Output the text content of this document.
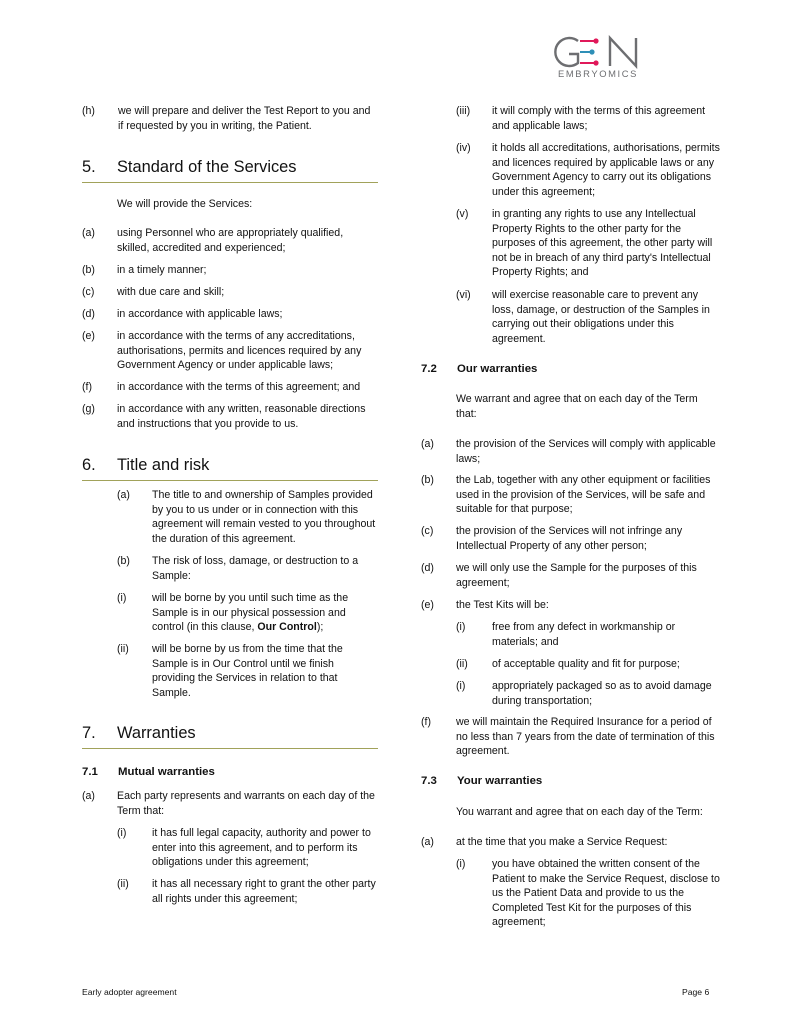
GEN
EMBRYOMICS
(h)	we will prepare and deliver the Test Report to you and if requested by you in writing, the Patient.
5. Standard of the Services
We will provide the Services:
(a)	using Personnel who are appropriately qualified, skilled, accredited and experienced;
(b)	in a timely manner;
(c)	with due care and skill;
(d)	in accordance with applicable laws;
(e)	in accordance with the terms of any accreditations, authorisations, permits and licences required by any Government Agency or under applicable laws;
(f)	in accordance with the terms of this agreement; and
(g)	in accordance with any written, reasonable directions and instructions that you provide to us.
6. Title and risk
(a)	The title to and ownership of Samples provided by you to us under or in connection with this agreement will remain vested to you throughout the duration of this agreement.
(b)	The risk of loss, damage, or destruction to a Sample:
(i)	will be borne by you until such time as the Sample is in our physical possession and control (in this clause, Our Control);
(ii)	will be borne by us from the time that the Sample is in Our Control until we finish providing the Services in relation to that Sample.
7. Warranties
7.1	Mutual warranties
(a)	Each party represents and warrants on each day of the Term that:
(i)	it has full legal capacity, authority and power to enter into this agreement, and to perform its obligations under this agreement;
(ii)	it has all necessary right to grant the other party all rights under this agreement;
(iii)	it will comply with the terms of this agreement and applicable laws;
(iv)	it holds all accreditations, authorisations, permits and licences required by applicable laws or any Government Agency to carry out its obligations under this agreement;
(v)	in granting any rights to use any Intellectual Property Rights to the other party for the purposes of this agreement, the other party will not be in breach of any third party's Intellectual Property Rights; and
(vi)	will exercise reasonable care to prevent any loss, damage, or destruction of the Samples in carrying out their obligations under this agreement.
7.2	Our warranties
We warrant and agree that on each day of the Term that:
(a)	the provision of the Services will comply with applicable laws;
(b)	the Lab, together with any other equipment or facilities used in the provision of the Services, will be safe and suitable for that purpose;
(c)	the provision of the Services will not infringe any Intellectual Property of any other person;
(d)	we will only use the Sample for the purposes of this agreement;
(e)	the Test Kits will be:
(i)	free from any defect in workmanship or materials; and
(ii)	of acceptable quality and fit for purpose;
(i)	appropriately packaged so as to avoid damage during transportation;
(f)	we will maintain the Required Insurance for a period of no less than 7 years from the date of termination of this agreement.
7.3	Your warranties
You warrant and agree that on each day of the Term:
(a)	at the time that you make a Service Request:
(i)	you have obtained the written consent of the Patient to make the Service Request, disclose to us the Patient Data and provide to us the Completed Test Kit for the purposes of this agreement;
Early adopter agreement	Page 6
